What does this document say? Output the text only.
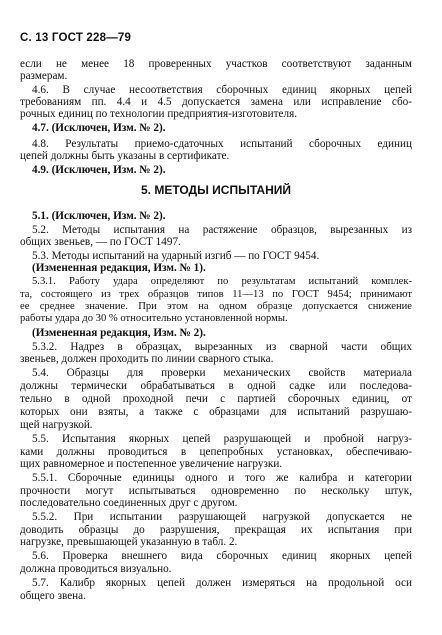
С. 13 ГОСТ 228—79
если не менее 18 проверенных участков соответствуют заданным
размерам.
4.6. В случае несоответствия сборочных единиц якорных цепей
требованиям пп. 4.4 и 4.5 допускается замена или исправление сбо-
рочных единиц по технологии предприятия-изготовителя.
4.7. (Исключен, Изм. № 2).
4.8. Результаты приемо-сдаточных испытаний сборочных единиц
цепей должны быть указаны в сертификате.
4.9. (Исключен, Изм. № 2).
5. МЕТОДЫ ИСПЫТАНИЙ
5.1. (Исключен, Изм. № 2).
5.2. Методы испытания на растяжение образцов, вырезанных из
общих звеньев, — по ГОСТ 1497.
5.3. Методы испытаний на ударный изгиб — по ГОСТ 9454.
(Измененная редакция, Изм. № 1).
5.3.1. Работу удара определяют по результатам испытаний комплек-
та, состоящего из трех образцов типов 11—13 по ГОСТ 9454; принимают
ее среднее значение. При этом на одном образце допускается снижение
работы удара до 30 % относительно установленной нормы.
(Измененная редакция, Изм. № 2).
5.3.2. Надрез в образцах, вырезанных из сварной части общих
звеньев, должен проходить по линии сварного стыка.
5.4. Образцы для проверки механических свойств материала
должны термически обрабатываться в одной садке или последова-
тельно в одной проходной печи с партией сборочных единиц, от
которых они взяты, а также с образцами для испытаний разрушаю-
щей нагрузкой.
5.5. Испытания якорных цепей разрушающей и пробной нагруз-
ками должны проводиться в цепепробных установках, обеспечиваю-
щих равномерное и постепенное увеличение нагрузки.
5.5.1. Сборочные единицы одного и того же калибра и категории
прочности могут испытываться одновременно по нескольку штук,
последовательно соединенных друг с другом.
5.5.2. При испытании разрушающей нагрузкой допускается не
доводить образцы до разрушения, прекращая их испытания при
нагрузке, превышающей указанную в табл. 2.
5.6. Проверка внешнего вида сборочных единиц якорных цепей
должна проводиться визуально.
5.7. Калибр якорных цепей должен измеряться на продольной оси
общего звена.
